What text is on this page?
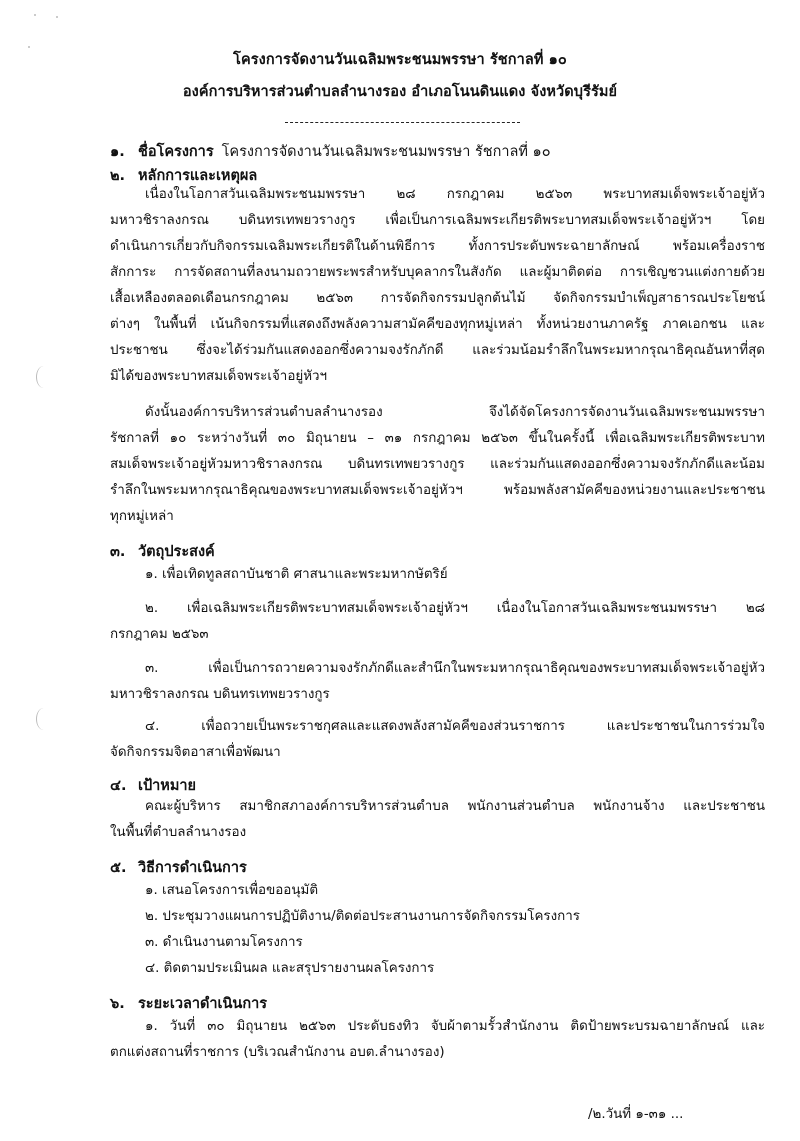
โครงการจัดงานวันเฉลิมพระชนมพรรษา รัชกาลที่ ๑๐
องค์การบริหารส่วนตำบลลำนางรอง อำเภอโนนดินแดง จังหวัดบุรีรัมย์
๑. ชื่อโครงการ โครงการจัดงานวันเฉลิมพระชนมพรรษา รัชกาลที่ ๑๐
๒. หลักการและเหตุผล
เนื่องในโอกาสวันเฉลิมพระชนมพรรษา ๒๘ กรกฎาคม ๒๕๖๓ พระบาทสมเด็จพระเจ้าอยู่หัว
มหาวชิราลงกรณ บดินทรเทพยวรางกูร เพื่อเป็นการเฉลิมพระเกียรติพระบาทสมเด็จพระเจ้าอยู่หัวฯ โดย
ดำเนินการเกี่ยวกับกิจกรรมเฉลิมพระเกียรติในด้านพิธีการ ทั้งการประดับพระฉายาลักษณ์ พร้อมเครื่องราช
สักการะ การจัดสถานที่ลงนามถวายพระพรสำหรับบุคลากรในสังกัด และผู้มาติดต่อ การเชิญชวนแต่งกายด้วย
เสื้อเหลืองตลอดเดือนกรกฎาคม ๒๕๖๓ การจัดกิจกรรมปลูกต้นไม้ จัดกิจกรรมบำเพ็ญสาธารณประโยชน์
ต่างๆ ในพื้นที่ เน้นกิจกรรมที่แสดงถึงพลังความสามัคคีของทุกหมู่เหล่า ทั้งหน่วยงานภาครัฐ ภาคเอกชน และ
ประชาชน ซึ่งจะได้ร่วมกันแสดงออกซึ่งความจงรักภักดี และร่วมน้อมรำลึกในพระมหากรุณาธิคุณอันหาที่สุด
มิได้ของพระบาทสมเด็จพระเจ้าอยู่หัวฯ
ดังนั้นองค์การบริหารส่วนตำบลลำนางรอง จึงได้จัดโครงการจัดงานวันเฉลิมพระชนมพรรษา
รัชกาลที่ ๑๐ ระหว่างวันที่ ๓๐ มิถุนายน – ๓๑ กรกฎาคม ๒๕๖๓ ขึ้นในครั้งนี้ เพื่อเฉลิมพระเกียรติพระบาท
สมเด็จพระเจ้าอยู่หัวมหาวชิราลงกรณ บดินทรเทพยวรางกูร และร่วมกันแสดงออกซึ่งความจงรักภักดีและน้อม
รำลึกในพระมหากรุณาธิคุณของพระบาทสมเด็จพระเจ้าอยู่หัวฯ พร้อมพลังสามัคคีของหน่วยงานและประชาชน
ทุกหมู่เหล่า
๓. วัตถุประสงค์
๑. เพื่อเทิดทูลสถาบันชาติ ศาสนาและพระมหากษัตริย์
๒. เพื่อเฉลิมพระเกียรติพระบาทสมเด็จพระเจ้าอยู่หัวฯ เนื่องในโอกาสวันเฉลิมพระชนมพรรษา ๒๘
กรกฎาคม ๒๕๖๓
๓. เพื่อเป็นการถวายความจงรักภักดีและสำนึกในพระมหากรุณาธิคุณของพระบาทสมเด็จพระเจ้าอยู่หัว
มหาวชิราลงกรณ บดินทรเทพยวรางกูร
๔. เพื่อถวายเป็นพระราชกุศลและแสดงพลังสามัคคีของส่วนราชการ และประชาชนในการร่วมใจ
จัดกิจกรรมจิตอาสาเพื่อพัฒนา
๔. เป้าหมาย
คณะผู้บริหาร สมาชิกสภาองค์การบริหารส่วนตำบล พนักงานส่วนตำบล พนักงานจ้าง และประชาชน
ในพื้นที่ตำบลลำนางรอง
๕. วิธีการดำเนินการ
๑. เสนอโครงการเพื่อขออนุมัติ
๒. ประชุมวางแผนการปฏิบัติงาน/ติดต่อประสานงานการจัดกิจกรรมโครงการ
๓. ดำเนินงานตามโครงการ
๔. ติดตามประเมินผล และสรุปรายงานผลโครงการ
๖. ระยะเวลาดำเนินการ
๑. วันที่ ๓๐ มิถุนายน ๒๕๖๓ ประดับธงทิว จับผ้าตามรั้วสำนักงาน ติดป้ายพระบรมฉายาลักษณ์ และ
ตกแต่งสถานที่ราชการ (บริเวณสำนักงาน อบต.ลำนางรอง)
/๒.วันที่ ๑-๓๑ ...
